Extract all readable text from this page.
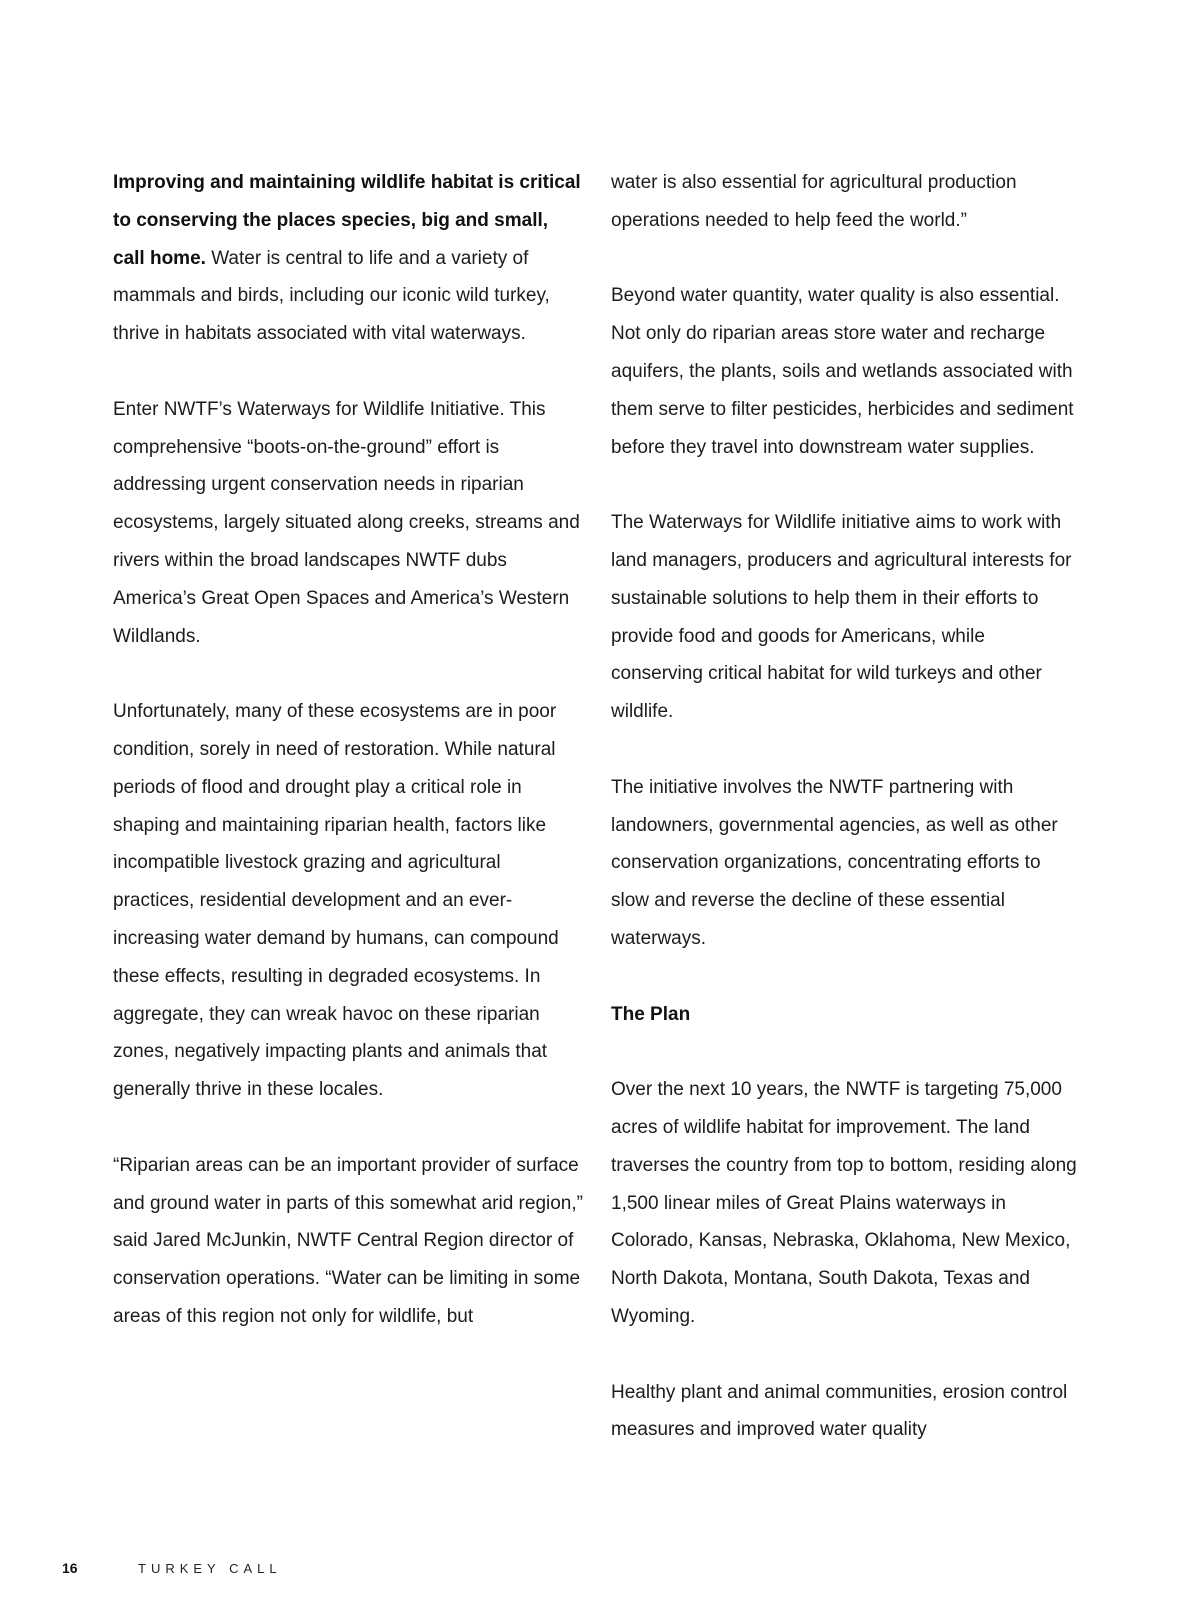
Improving and maintaining wildlife habitat is critical to conserving the places species, big and small, call home. Water is central to life and a variety of mammals and birds, including our iconic wild turkey, thrive in habitats associated with vital waterways.

Enter NWTF’s Waterways for Wildlife Initiative. This comprehensive “boots-on-the-ground” effort is addressing urgent conservation needs in riparian ecosystems, largely situated along creeks, streams and rivers within the broad landscapes NWTF dubs America’s Great Open Spaces and America’s Western Wildlands.

Unfortunately, many of these ecosystems are in poor condition, sorely in need of restoration. While natural periods of flood and drought play a critical role in shaping and maintaining riparian health, factors like incompatible livestock grazing and agricultural practices, residential development and an ever-increasing water demand by humans, can compound these effects, resulting in degraded ecosystems. In aggregate, they can wreak havoc on these riparian zones, negatively impacting plants and animals that generally thrive in these locales.

“Riparian areas can be an important provider of surface and ground water in parts of this somewhat arid region,” said Jared McJunkin, NWTF Central Region director of conservation operations. “Water can be limiting in some areas of this region not only for wildlife, but

water is also essential for agricultural production operations needed to help feed the world.”

Beyond water quantity, water quality is also essential. Not only do riparian areas store water and recharge aquifers, the plants, soils and wetlands associated with them serve to filter pesticides, herbicides and sediment before they travel into downstream water supplies.

The Waterways for Wildlife initiative aims to work with land managers, producers and agricultural interests for sustainable solutions to help them in their efforts to provide food and goods for Americans, while conserving critical habitat for wild turkeys and other wildlife.

The initiative involves the NWTF partnering with landowners, governmental agencies, as well as other conservation organizations, concentrating efforts to slow and reverse the decline of these essential waterways.

The Plan

Over the next 10 years, the NWTF is targeting 75,000 acres of wildlife habitat for improvement. The land traverses the country from top to bottom, residing along 1,500 linear miles of Great Plains waterways in Colorado, Kansas, Nebraska, Oklahoma, New Mexico, North Dakota, Montana, South Dakota, Texas and Wyoming.

Healthy plant and animal communities, erosion control measures and improved water quality

16	TURKEY CALL
